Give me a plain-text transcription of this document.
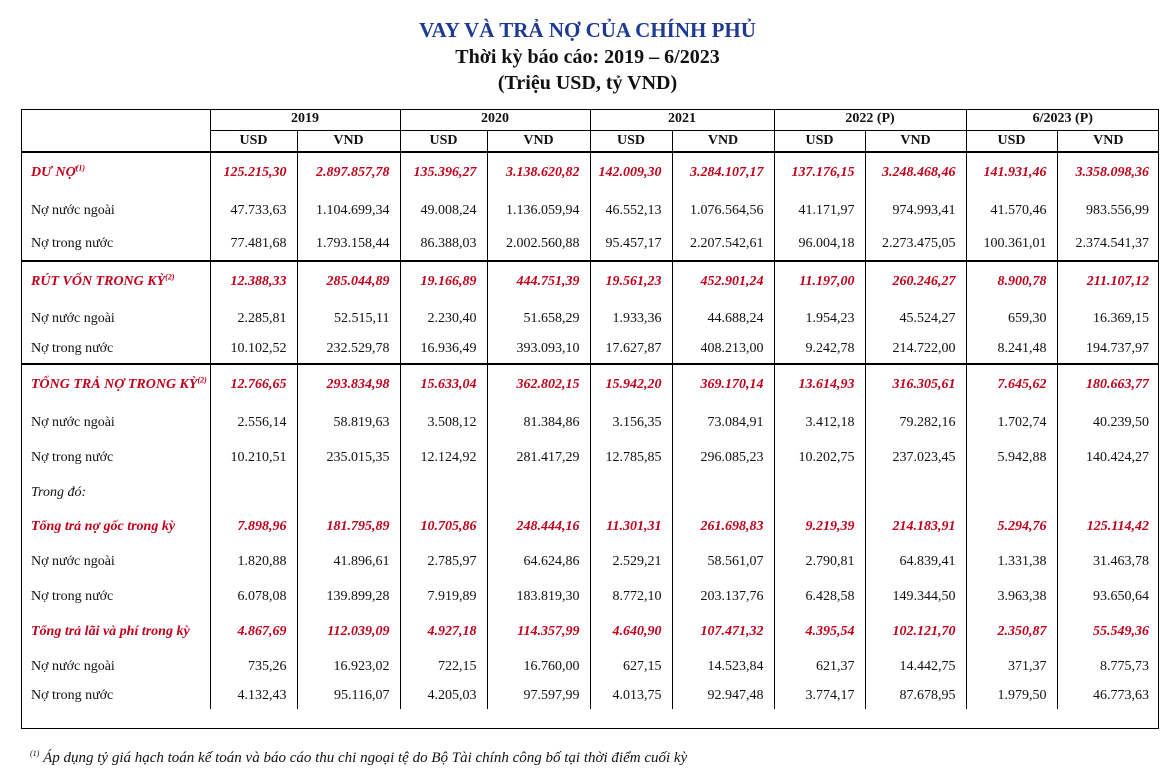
VAY VÀ TRẢ NỢ CỦA CHÍNH PHỦ
Thời kỳ báo cáo: 2019 – 6/2023
(Triệu USD, tỷ VND)
	2019		2020		2021		2022 (P)		6/2023 (P)	
	USD	VND	USD	VND	USD	VND	USD	VND	USD	VND
DƯ NỢ$^{(1)}$	125.215,30	2.897.857,78	135.396,27	3.138.620,82	142.009,30	3.284.107,17	137.176,15	3.248.468,46	141.931,46	3.358.098,36
Nợ nước ngoài	47.733,63	1.104.699,34	49.008,24	1.136.059,94	46.552,13	1.076.564,56	41.171,97	974.993,41	41.570,46	983.556,99
Nợ trong nước	77.481,68	1.793.158,44	86.388,03	2.002.560,88	95.457,17	2.207.542,61	96.004,18	2.273.475,05	100.361,01	2.374.541,37
RÚT VỐN TRONG KỲ$^{(2)}$	12.388,33	285.044,89	19.166,89	444.751,39	19.561,23	452.901,24	11.197,00	260.246,27	8.900,78	211.107,12
Nợ nước ngoài	2.285,81	52.515,11	2.230,40	51.658,29	1.933,36	44.688,24	1.954,23	45.524,27	659,30	16.369,15
Nợ trong nước	10.102,52	232.529,78	16.936,49	393.093,10	17.627,87	408.213,00	9.242,78	214.722,00	8.241,48	194.737,97
TỔNG TRẢ NỢ TRONG KỲ$^{(2)}$	12.766,65	293.834,98	15.633,04	362.802,15	15.942,20	369.170,14	13.614,93	316.305,61	7.645,62	180.663,77
Nợ nước ngoài	2.556,14	58.819,63	3.508,12	81.384,86	3.156,35	73.084,91	3.412,18	79.282,16	1.702,74	40.239,50
Nợ trong nước	10.210,51	235.015,35	12.124,92	281.417,29	12.785,85	296.085,23	10.202,75	237.023,45	5.942,88	140.424,27
Trong đó:										
Tổng trả nợ gốc trong kỳ	7.898,96	181.795,89	10.705,86	248.444,16	11.301,31	261.698,83	9.219,39	214.183,91	5.294,76	125.114,42
Nợ nước ngoài	1.820,88	41.896,61	2.785,97	64.624,86	2.529,21	58.561,07	2.790,81	64.839,41	1.331,38	31.463,78
Nợ trong nước	6.078,08	139.899,28	7.919,89	183.819,30	8.772,10	203.137,76	6.428,58	149.344,50	3.963,38	93.650,64
Tổng trả lãi và phí trong kỳ	4.867,69	112.039,09	4.927,18	114.357,99	4.640,90	107.471,32	4.395,54	102.121,70	2.350,87	55.549,36
Nợ nước ngoài	735,26	16.923,02	722,15	16.760,00	627,15	14.523,84	621,37	14.442,75	371,37	8.775,73
Nợ trong nước	4.132,43	95.116,07	4.205,03	97.597,99	4.013,75	92.947,48	3.774,17	87.678,95	1.979,50	46.773,63
$^{(1)}$ Áp dụng tỷ giá hạch toán kế toán và báo cáo thu chi ngoại tệ do Bộ Tài chính công bố tại thời điểm cuối kỳ
